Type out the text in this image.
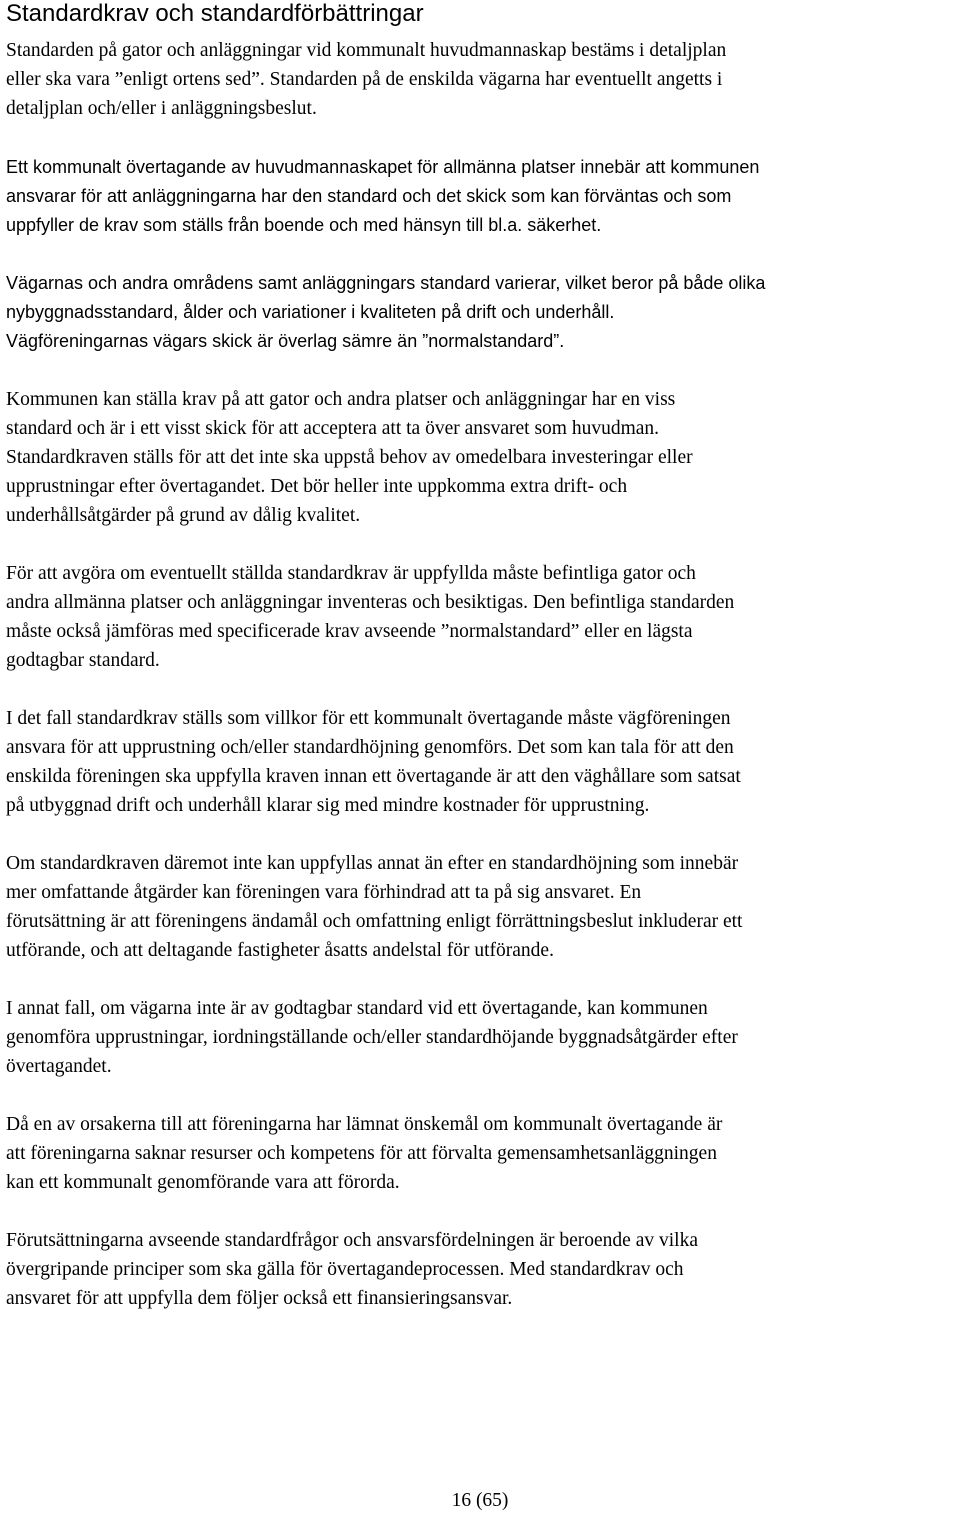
Standardkrav och standardförbättringar
Standarden på gator och anläggningar vid kommunalt huvudmannaskap bestäms i detaljplan
eller ska vara ”enligt ortens sed”. Standarden på de enskilda vägarna har eventuellt angetts i
detaljplan och/eller i anläggningsbeslut.
Ett kommunalt övertagande av huvudmannaskapet för allmänna platser innebär att kommunen
ansvarar för att anläggningarna har den standard och det skick som kan förväntas och som
uppfyller de krav som ställs från boende och med hänsyn till bl.a. säkerhet.
Vägarnas och andra områdens samt anläggningars standard varierar, vilket beror på både olika
nybyggnadsstandard, ålder och variationer i kvaliteten på drift och underhåll.
Vägföreningarnas vägars skick är överlag sämre än ”normalstandard”.
Kommunen kan ställa krav på att gator och andra platser och anläggningar har en viss
standard och är i ett visst skick för att acceptera att ta över ansvaret som huvudman.
Standardkraven ställs för att det inte ska uppstå behov av omedelbara investeringar eller
upprustningar efter övertagandet. Det bör heller inte uppkomma extra drift- och
underhållsåtgärder på grund av dålig kvalitet.
För att avgöra om eventuellt ställda standardkrav är uppfyllda måste befintliga gator och
andra allmänna platser och anläggningar inventeras och besiktigas. Den befintliga standarden
måste också jämföras med specificerade krav avseende ”normalstandard” eller en lägsta
godtagbar standard.
I det fall standardkrav ställs som villkor för ett kommunalt övertagande måste vägföreningen
ansvara för att upprustning och/eller standardhöjning genomförs. Det som kan tala för att den
enskilda föreningen ska uppfylla kraven innan ett övertagande är att den väghållare som satsat
på utbyggnad drift och underhåll klarar sig med mindre kostnader för upprustning.
Om standardkraven däremot inte kan uppfyllas annat än efter en standardhöjning som innebär
mer omfattande åtgärder kan föreningen vara förhindrad att ta på sig ansvaret. En
förutsättning är att föreningens ändamål och omfattning enligt förrättningsbeslut inkluderar ett
utförande, och att deltagande fastigheter åsatts andelstal för utförande.
I annat fall, om vägarna inte är av godtagbar standard vid ett övertagande, kan kommunen
genomföra upprustningar, iordningställande och/eller standardhöjande byggnadsåtgärder efter
övertagandet.
Då en av orsakerna till att föreningarna har lämnat önskemål om kommunalt övertagande är
att föreningarna saknar resurser och kompetens för att förvalta gemensamhetsanläggningen
kan ett kommunalt genomförande vara att förorda.
Förutsättningarna avseende standardfrågor och ansvarsfördelningen är beroende av vilka
övergripande principer som ska gälla för övertagandeprocessen. Med standardkrav och
ansvaret för att uppfylla dem följer också ett finansieringsansvar.
16 (65)
